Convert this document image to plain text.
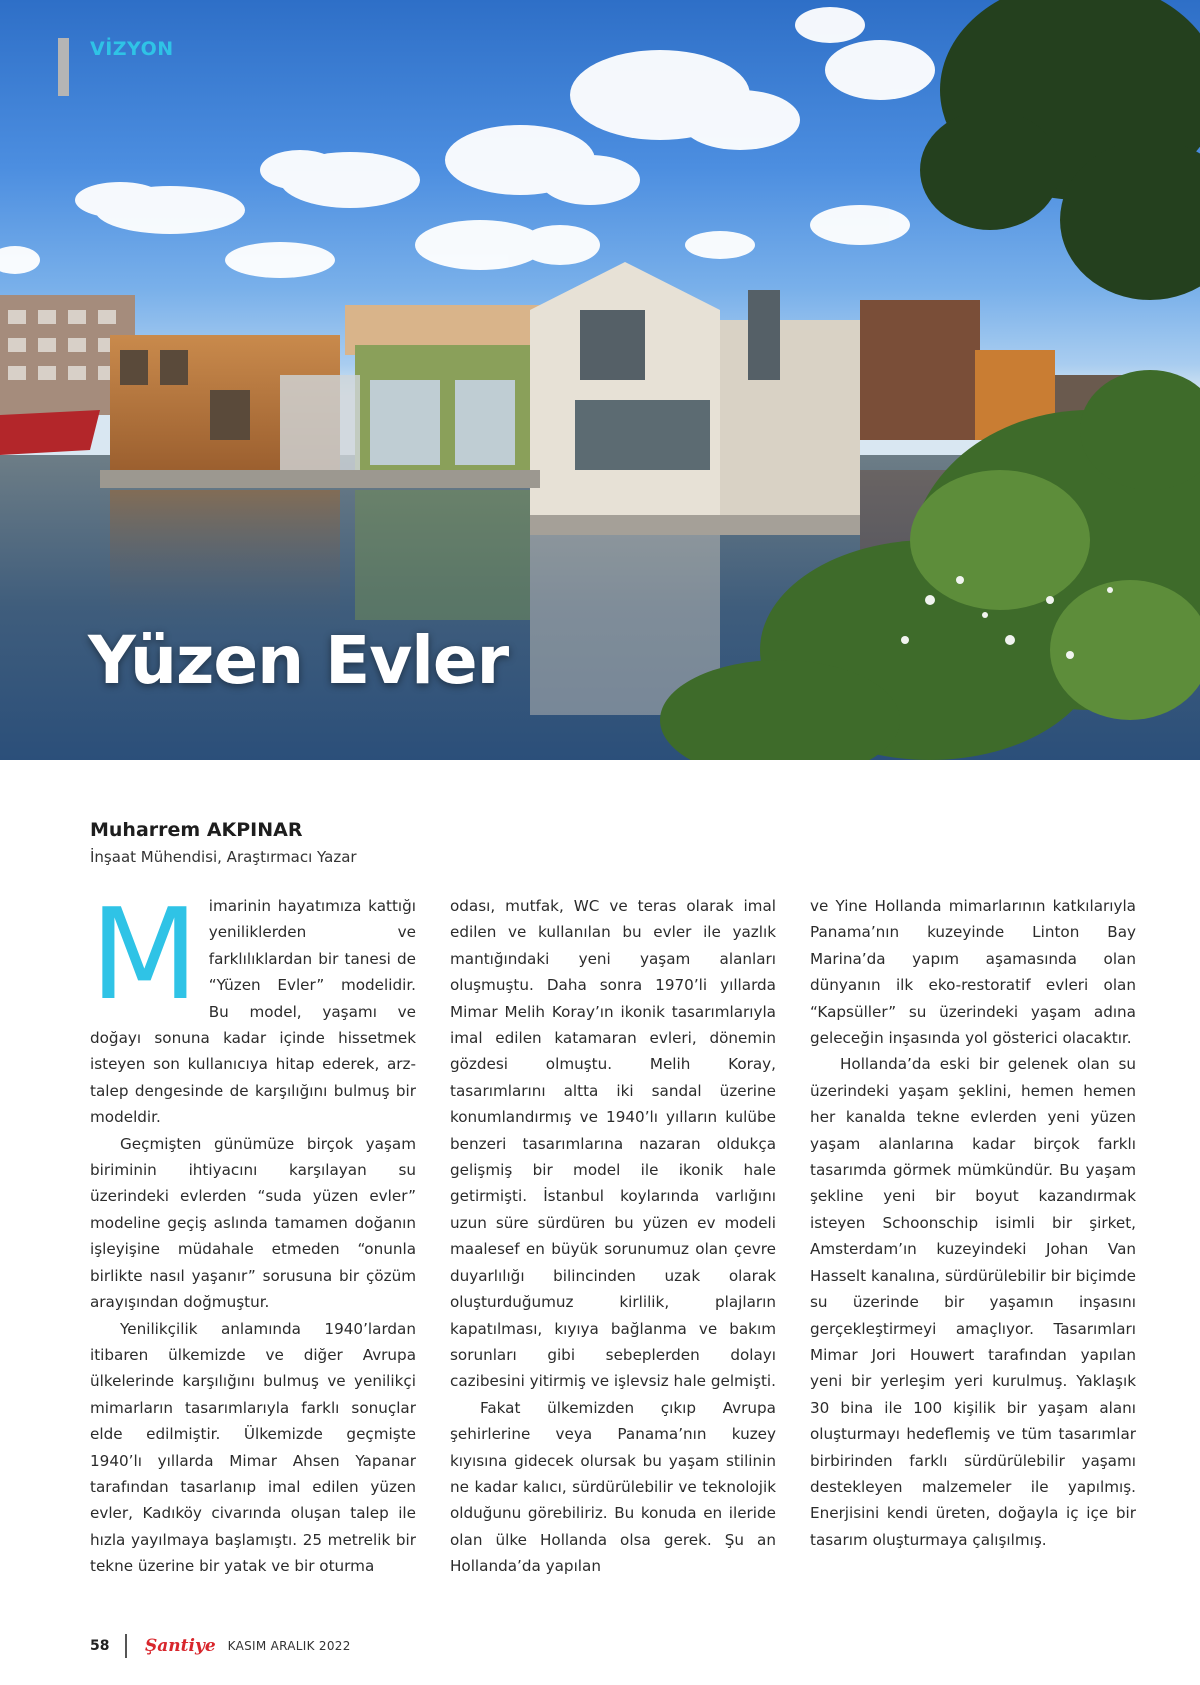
VİZYON
Yüzen Evler
Muharrem AKPINAR
İnşaat Mühendisi, Araştırmacı Yazar
M imarinin hayatımıza kattığı yeniliklerden ve farklılıklardan bir tanesi de “Yüzen Evler” modelidir. Bu model, yaşamı ve doğayı sonuna kadar içinde hissetmek isteyen son kullanıcıya hitap ederek, arz-talep dengesinde de karşılığını bulmuş bir modeldir.

Geçmişten günümüze birçok yaşam biriminin ihtiyacını karşılayan su üzerindeki evlerden “suda yüzen evler” modeline geçiş aslında tamamen doğanın işleyişine müdahale etmeden “onunla birlikte nasıl yaşanır” sorusuna bir çözüm arayışından doğmuştur.

Yenilikçilik anlamında 1940’lardan itibaren ülkemizde ve diğer Avrupa ülkelerinde karşılığını bulmuş ve yenilikçi mimarların tasarımlarıyla farklı sonuçlar elde edilmiştir. Ülkemizde geçmişte 1940’lı yıllarda Mimar Ahsen Yapanar tarafından tasarlanıp imal edilen yüzen evler, Kadıköy civarında oluşan talep ile hızla yayılmaya başlamıştı. 25 metrelik bir tekne üzerine bir yatak ve bir oturma

odası, mutfak, WC ve teras olarak imal edilen ve kullanılan bu evler ile yazlık mantığındaki yeni yaşam alanları oluşmuştu. Daha sonra 1970’li yıllarda Mimar Melih Koray’ın ikonik tasarımlarıyla imal edilen katamaran evleri, dönemin gözdesi olmuştu. Melih Koray, tasarımlarını altta iki sandal üzerine konumlandırmış ve 1940’lı yılların kulübe benzeri tasarımlarına nazaran oldukça gelişmiş bir model ile ikonik hale getirmişti. İstanbul koylarında varlığını uzun süre sürdüren bu yüzen ev modeli maalesef en büyük sorunumuz olan çevre duyarlılığı bilincinden uzak olarak oluşturduğumuz kirlilik, plajların kapatılması, kıyıya bağlanma ve bakım sorunları gibi sebeplerden dolayı cazibesini yitirmiş ve işlevsiz hale gelmişti.

Fakat ülkemizden çıkıp Avrupa şehirlerine veya Panama’nın kuzey kıyısına gidecek olursak bu yaşam stilinin ne kadar kalıcı, sürdürülebilir ve teknolojik olduğunu görebiliriz. Bu konuda en ileride olan ülke Hollanda olsa gerek. Şu an Hollanda’da yapılan

ve Yine Hollanda mimarlarının katkılarıyla Panama’nın kuzeyinde Linton Bay Marina’da yapım aşamasında olan dünyanın ilk eko-restoratif evleri olan “Kapsüller” su üzerindeki yaşam adına geleceğin inşasında yol gösterici olacaktır.

Hollanda’da eski bir gelenek olan su üzerindeki yaşam şeklini, hemen hemen her kanalda tekne evlerden yeni yüzen yaşam alanlarına kadar birçok farklı tasarımda görmek mümkündür. Bu yaşam şekline yeni bir boyut kazandırmak isteyen Schoonschip isimli bir şirket, Amsterdam’ın kuzeyindeki Johan Van Hasselt kanalına, sürdürülebilir bir biçimde su üzerinde bir yaşamın inşasını gerçekleştirmeyi amaçlıyor. Tasarımları Mimar Jori Houwert tarafından yapılan yeni bir yerleşim yeri kurulmuş. Yaklaşık 30 bina ile 100 kişilik bir yaşam alanı oluşturmayı hedeflemiş ve tüm tasarımlar birbirinden farklı sürdürülebilir yaşamı destekleyen malzemeler ile yapılmış. Enerjisini kendi üreten, doğayla iç içe bir tasarım oluşturmaya çalışılmış.

58 Şantiye KASIM ARALIK 2022
